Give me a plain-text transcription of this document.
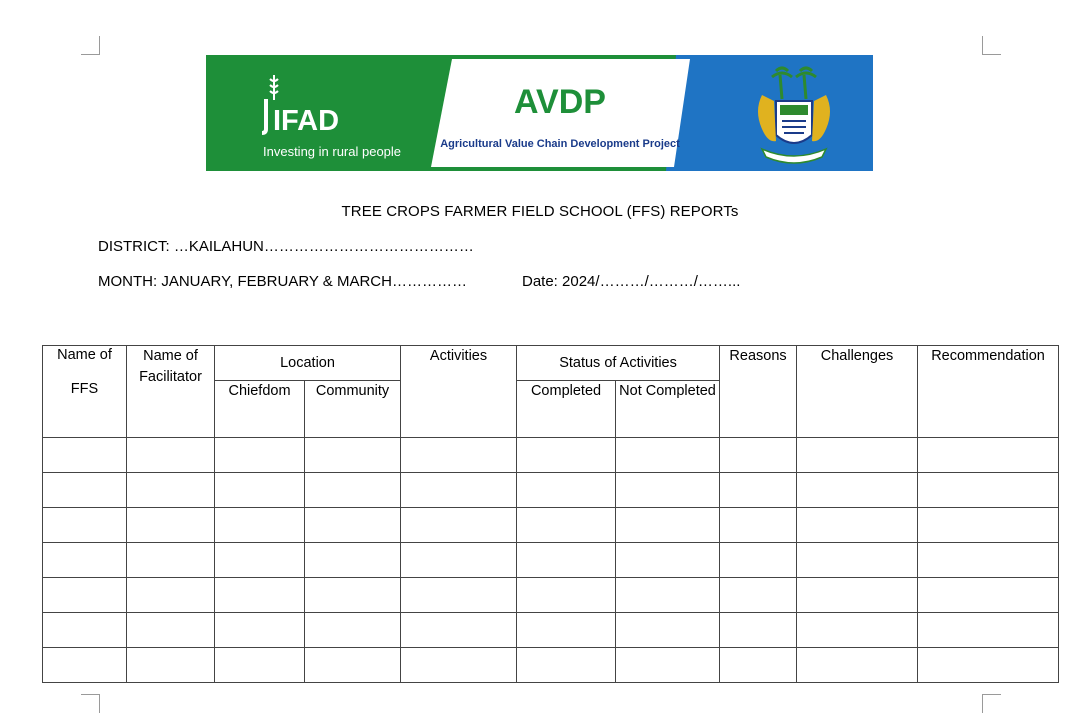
IFAD
Investing in rural people
AVDP
Agricultural Value Chain Development Project
TREE CROPS FARMER FIELD SCHOOL (FFS) REPORTs
DISTRICT: …KAILAHUN……………………………………
MONTH: JANUARY, FEBRUARY & MARCH……………	Date: 2024/………/………/……...
Name of
FFS	Name of Facilitator	Location		Activities	Status of Activities		Reasons	Challenges	Recommendation
		Chiefdom	Community		Completed	Not Completed			
